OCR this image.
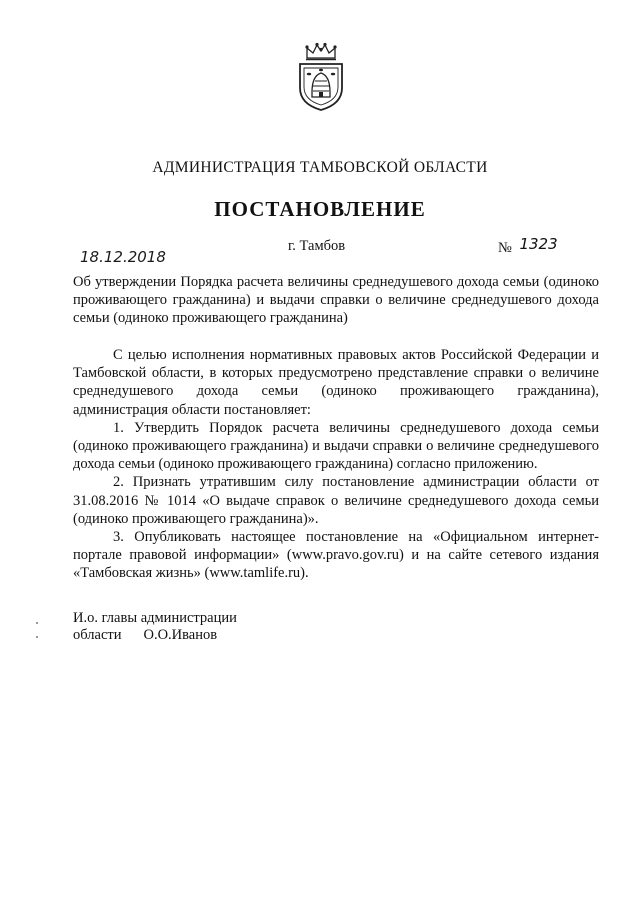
АДМИНИСТРАЦИЯ ТАМБОВСКОЙ ОБЛАСТИ
ПОСТАНОВЛЕНИЕ
18.12.2018
г. Тамбов	№ 1323
Об утверждении Порядка расчета величины среднедушевого дохода семьи (одиноко проживающего гражданина) и выдачи справки о величине среднедушевого дохода семьи (одиноко проживающего гражданина)

С целью исполнения нормативных правовых актов Российской Федерации и Тамбовской области, в которых предусмотрено представление справки о величине среднедушевого дохода семьи (одиноко проживающего гражданина), администрация области постановляет:

1. Утвердить Порядок расчета величины среднедушевого дохода семьи (одиноко проживающего гражданина) и выдачи справки о величине среднедушевого дохода семьи (одиноко проживающего гражданина) согласно приложению.

2. Признать утратившим силу постановление администрации области от 31.08.2016 № 1014 «О выдаче справок о величине среднедушевого дохода семьи (одиноко проживающего гражданина)».

3. Опубликовать настоящее постановление на «Официальном интернет-портале правовой информации» (www.pravo.gov.ru) и на сайте сетевого издания «Тамбовская жизнь» (www.tamlife.ru).

И.о. главы администрации
области О.О.Иванов
